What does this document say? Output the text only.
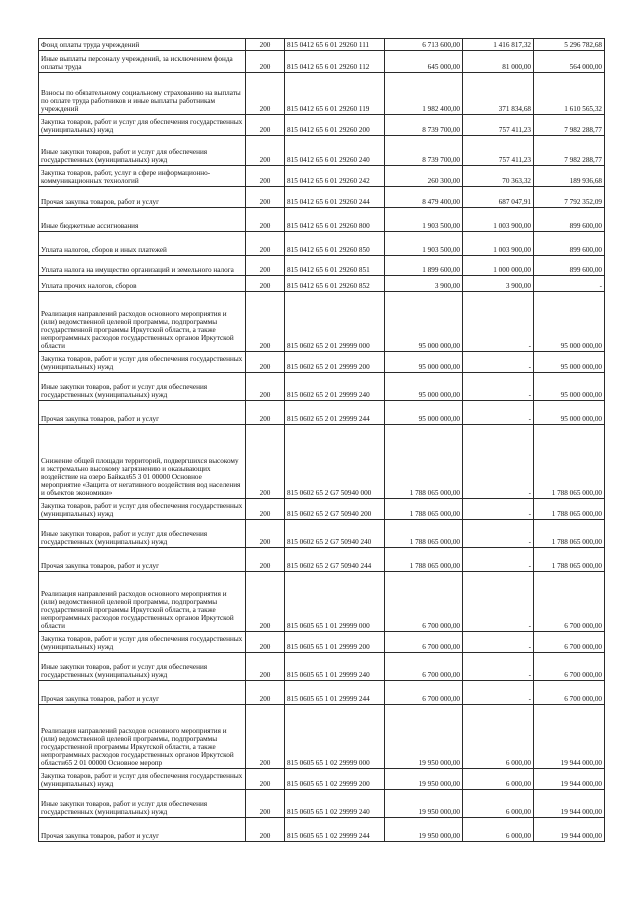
Фонд оплаты труда учреждений	200	815 0412 65 6 01 29260 111	6 713 600,00	1 416 817,32	5 296 782,68
Иные выплаты персоналу учреждений, за исключением фонда оплаты труда	200	815 0412 65 6 01 29260 112	645 000,00	81 000,00	564 000,00
Взносы по обязательному социальному страхованию на выплаты по оплате труда работников и иные выплаты работникам учреждений	200	815 0412 65 6 01 29260 119	1 982 400,00	371 834,68	1 610 565,32
Закупка товаров, работ и услуг для обеспечения государственных (муниципальных) нужд	200	815 0412 65 6 01 29260 200	8 739 700,00	757 411,23	7 982 288,77
Иные закупки товаров, работ и услуг для обеспечения государственных (муниципальных) нужд	200	815 0412 65 6 01 29260 240	8 739 700,00	757 411,23	7 982 288,77
Закупка товаров, работ, услуг в сфере информационно-коммуникационных технологий	200	815 0412 65 6 01 29260 242	260 300,00	70 363,32	189 936,68
Прочая закупка товаров, работ и услуг	200	815 0412 65 6 01 29260 244	8 479 400,00	687 047,91	7 792 352,09
Иные бюджетные ассигнования	200	815 0412 65 6 01 29260 800	1 903 500,00	1 003 900,00	899 600,00
Уплата налогов, сборов и иных платежей	200	815 0412 65 6 01 29260 850	1 903 500,00	1 003 900,00	899 600,00
Уплата налога на имущество организаций и земельного налога	200	815 0412 65 6 01 29260 851	1 899 600,00	1 000 000,00	899 600,00
Уплата прочих налогов, сборов	200	815 0412 65 6 01 29260 852	3 900,00	3 900,00	-
Реализация направлений расходов основного мероприятия и (или) ведомственной целевой программы, подпрограммы государственной программы Иркутской области, а также непрограммных расходов государственных органов Иркутской области	200	815 0602 65 2 01 29999 000	95 000 000,00	-	95 000 000,00
Закупка товаров, работ и услуг для обеспечения государственных (муниципальных) нужд	200	815 0602 65 2 01 29999 200	95 000 000,00	-	95 000 000,00
Иные закупки товаров, работ и услуг для обеспечения государственных (муниципальных) нужд	200	815 0602 65 2 01 29999 240	95 000 000,00	-	95 000 000,00
Прочая закупка товаров, работ и услуг	200	815 0602 65 2 01 29999 244	95 000 000,00	-	95 000 000,00
Снижение общей площади территорий, подвергшихся высокому и экстремально высокому загрязнению и оказывающих воздействие на озеро Байкал65 3 01 00000 Основное мероприятие «Защита от негативного воздействия вод населения и объектов экономики»	200	815 0602 65 2 G7 50940 000	1 788 065 000,00	-	1 788 065 000,00
Закупка товаров, работ и услуг для обеспечения государственных (муниципальных) нужд	200	815 0602 65 2 G7 50940 200	1 788 065 000,00	-	1 788 065 000,00
Иные закупки товаров, работ и услуг для обеспечения государственных (муниципальных) нужд	200	815 0602 65 2 G7 50940 240	1 788 065 000,00	-	1 788 065 000,00
Прочая закупка товаров, работ и услуг	200	815 0602 65 2 G7 50940 244	1 788 065 000,00	-	1 788 065 000,00
Реализация направлений расходов основного мероприятия и (или) ведомственной целевой программы, подпрограммы государственной программы Иркутской области, а также непрограммных расходов государственных органов Иркутской области	200	815 0605 65 1 01 29999 000	6 700 000,00	-	6 700 000,00
Закупка товаров, работ и услуг для обеспечения государственных (муниципальных) нужд	200	815 0605 65 1 01 29999 200	6 700 000,00	-	6 700 000,00
Иные закупки товаров, работ и услуг для обеспечения государственных (муниципальных) нужд	200	815 0605 65 1 01 29999 240	6 700 000,00	-	6 700 000,00
Прочая закупка товаров, работ и услуг	200	815 0605 65 1 01 29999 244	6 700 000,00	-	6 700 000,00
Реализация направлений расходов основного мероприятия и (или) ведомственной целевой программы, подпрограммы государственной программы Иркутской области, а также непрограммных расходов государственных органов Иркутской области65 2 01 00000 Основное меропр	200	815 0605 65 1 02 29999 000	19 950 000,00	6 000,00	19 944 000,00
Закупка товаров, работ и услуг для обеспечения государственных (муниципальных) нужд	200	815 0605 65 1 02 29999 200	19 950 000,00	6 000,00	19 944 000,00
Иные закупки товаров, работ и услуг для обеспечения государственных (муниципальных) нужд	200	815 0605 65 1 02 29999 240	19 950 000,00	6 000,00	19 944 000,00
Прочая закупка товаров, работ и услуг	200	815 0605 65 1 02 29999 244	19 950 000,00	6 000,00	19 944 000,00
